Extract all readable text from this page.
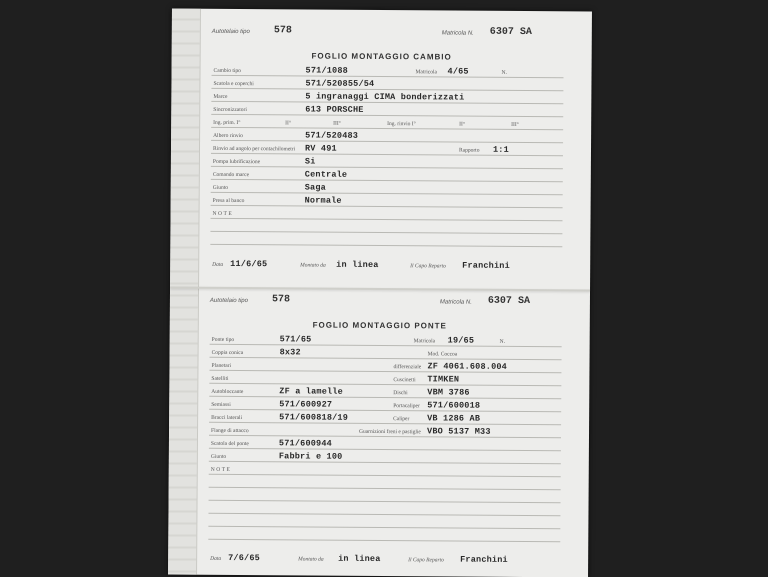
Autotelaio tipo 578	Matricola N. 6307 SA
FOGLIO MONTAGGIO CAMBIO
Cambio tipo	571/1088	Matricola 4/65	N.
Scatola e coperchi	571/520855/54
Marce	5 ingranaggi CIMA bonderizzati
Sincronizzatori	613 PORSCHE
Ing. prim. I°	II°	III°	Ing. rinvio I°	II°	III°
Albero rinvio	571/520483
Rinvio ad angolo per contachilometri RV 491	Rapporto 1:1
Pompa lubrificazione	Si
Comando marce	Centrale
Giunto	Saga
Presa al banco	Normale
NOTE
Data 11/6/65	Montato da in linea	Il Capo Reparto Franchini
Autotelaio tipo 578	Matricola N. 6307 SA
FOGLIO MONTAGGIO PONTE
Ponte tipo	571/65	Matricola 19/65	N.
Coppia conica	8x32	Mod. Coccoa
Planetari	differenziale ZF 4061.608.004
Satelliti	Cuscinetti TIMKEN
Autobloccante	ZF a lamelle	Dischi VBM 3786
Semiassi	571/600927	Portacaliper 571/600018
Bracci laterali	571/600818/19	Caliper VB 1286 AB
Flange di attacco	Guarnizioni freni e pastiglie VBO 5137 M33
Scatola del ponte	571/600944
Giunto	Fabbri e 100
NOTE
Data 7/6/65	Montato da in linea	Il Capo Reparto Franchini
